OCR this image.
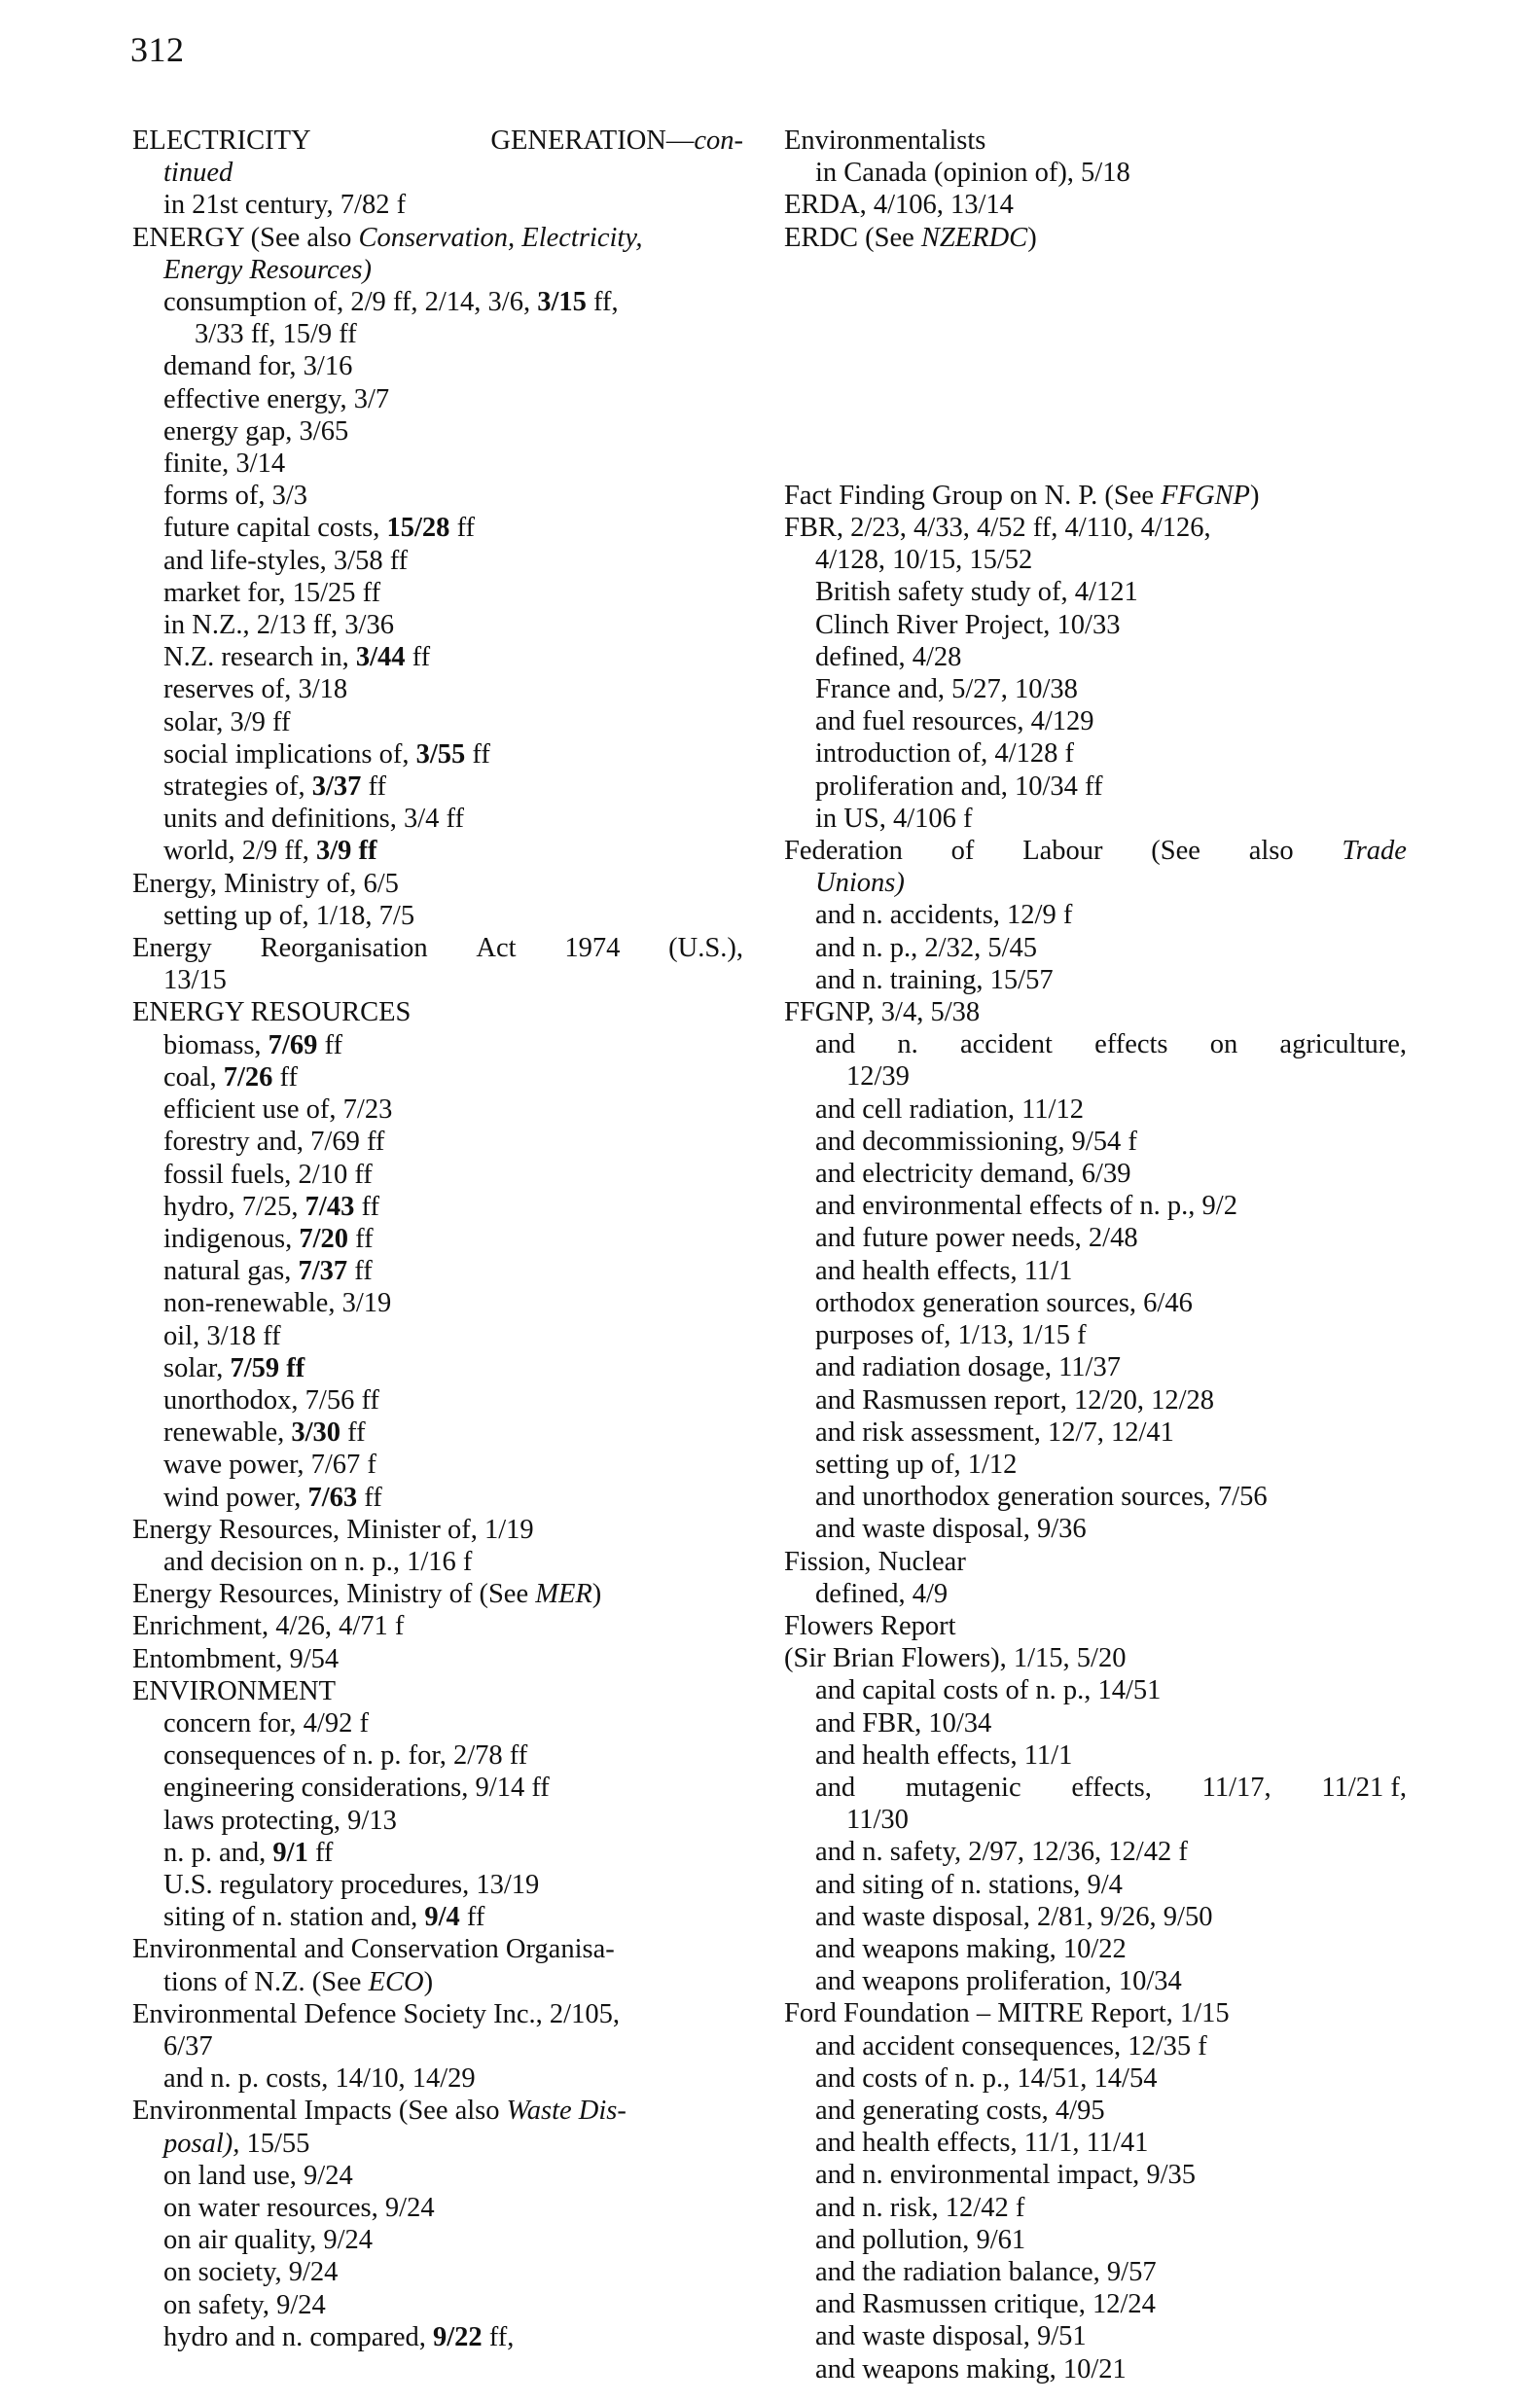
312
ELECTRICITY	GENERATION—con-
tinued
in 21st century, 7/82 f
ENERGY (See also Conservation, Electricity,
Energy Resources)
consumption of, 2/9 ff, 2/14, 3/6, 3/15 ff,
3/33 ff, 15/9 ff
demand for, 3/16
effective energy, 3/7
energy gap, 3/65
finite, 3/14
forms of, 3/3
future capital costs, 15/28 ff
and life-styles, 3/58 ff
market for, 15/25 ff
in N.Z., 2/13 ff, 3/36
N.Z. research in, 3/44 ff
reserves of, 3/18
solar, 3/9 ff
social implications of, 3/55 ff
strategies of, 3/37 ff
units and definitions, 3/4 ff
world, 2/9 ff, 3/9 ff
Energy, Ministry of, 6/5
setting up of, 1/18, 7/5
Energy Reorganisation Act 1974 (U.S.),
13/15
ENERGY RESOURCES
biomass, 7/69 ff
coal, 7/26 ff
efficient use of, 7/23
forestry and, 7/69 ff
fossil fuels, 2/10 ff
hydro, 7/25, 7/43 ff
indigenous, 7/20 ff
natural gas, 7/37 ff
non-renewable, 3/19
oil, 3/18 ff
solar, 7/59 ff
unorthodox, 7/56 ff
renewable, 3/30 ff
wave power, 7/67 f
wind power, 7/63 ff
Energy Resources, Minister of, 1/19
and decision on n. p., 1/16 f
Energy Resources, Ministry of (See MER)
Enrichment, 4/26, 4/71 f
Entombment, 9/54
ENVIRONMENT
concern for, 4/92 f
consequences of n. p. for, 2/78 ff
engineering considerations, 9/14 ff
laws protecting, 9/13
n. p. and, 9/1 ff
U.S. regulatory procedures, 13/19
siting of n. station and, 9/4 ff
Environmental and Conservation Organisa-
tions of N.Z. (See ECO)
Environmental Defence Society Inc., 2/105,
6/37
and n. p. costs, 14/10, 14/29
Environmental Impacts (See also Waste Dis-
posal), 15/55
on land use, 9/24
on water resources, 9/24
on air quality, 9/24
on society, 9/24
on safety, 9/24
hydro and n. compared, 9/22 ff,
Environmentalists
in Canada (opinion of), 5/18
ERDA, 4/106, 13/14
ERDC (See NZERDC)
Fact Finding Group on N. P. (See FFGNP)
FBR, 2/23, 4/33, 4/52 ff, 4/110, 4/126,
4/128, 10/15, 15/52
British safety study of, 4/121
Clinch River Project, 10/33
defined, 4/28
France and, 5/27, 10/38
and fuel resources, 4/129
introduction of, 4/128 f
proliferation and, 10/34 ff
in US, 4/106 f
Federation of Labour (See also Trade
Unions)
and n. accidents, 12/9 f
and n. p., 2/32, 5/45
and n. training, 15/57
FFGNP, 3/4, 5/38
and n. accident effects on agriculture,
12/39
and cell radiation, 11/12
and decommissioning, 9/54 f
and electricity demand, 6/39
and environmental effects of n. p., 9/2
and future power needs, 2/48
and health effects, 11/1
orthodox generation sources, 6/46
purposes of, 1/13, 1/15 f
and radiation dosage, 11/37
and Rasmussen report, 12/20, 12/28
and risk assessment, 12/7, 12/41
setting up of, 1/12
and unorthodox generation sources, 7/56
and waste disposal, 9/36
Fission, Nuclear
defined, 4/9
Flowers Report
(Sir Brian Flowers), 1/15, 5/20
and capital costs of n. p., 14/51
and FBR, 10/34
and health effects, 11/1
and mutagenic effects, 11/17, 11/21 f,
11/30
and n. safety, 2/97, 12/36, 12/42 f
and siting of n. stations, 9/4
and waste disposal, 2/81, 9/26, 9/50
and weapons making, 10/22
and weapons proliferation, 10/34
Ford Foundation – MITRE Report, 1/15
and accident consequences, 12/35 f
and costs of n. p., 14/51, 14/54
and generating costs, 4/95
and health effects, 11/1, 11/41
and n. environmental impact, 9/35
and n. risk, 12/42 f
and pollution, 9/61
and the radiation balance, 9/57
and Rasmussen critique, 12/24
and waste disposal, 9/51
and weapons making, 10/21
